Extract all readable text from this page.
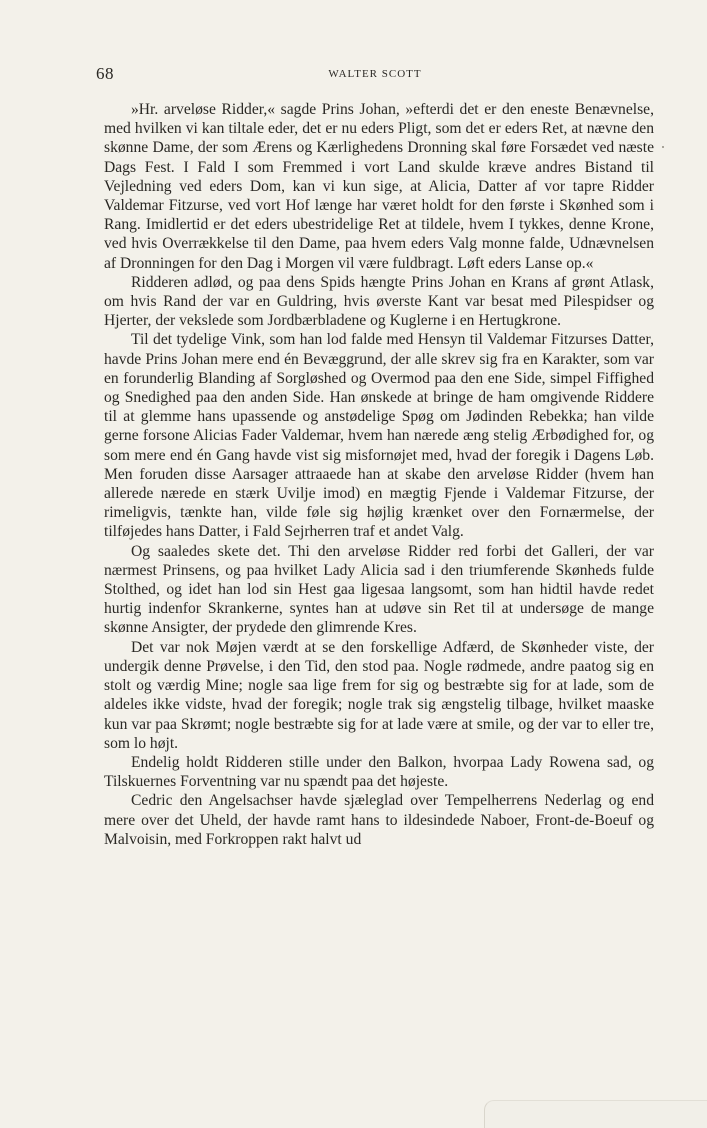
68	WALTER SCOTT

»Hr. arveløse Ridder,« sagde Prins Johan, »efterdi det er den eneste Benævnelse, med hvilken vi kan tiltale eder, det er nu eders Pligt, som det er eders Ret, at nævne den skønne Dame, der som Ærens og Kærlighedens Dronning skal føre Forsædet ved næste Dags Fest. I Fald I som Fremmed i vort Land skulde kræve andres Bistand til Vejledning ved eders Dom, kan vi kun sige, at Alicia, Datter af vor tapre Ridder Valdemar Fitzurse, ved vort Hof længe har været holdt for den første i Skønhed som i Rang. Imidlertid er det eders ubestridelige Ret at tildele, hvem I tykkes, denne Krone, ved hvis Overrækkelse til den Dame, paa hvem eders Valg monne falde, Udnævnelsen af Dronningen for den Dag i Morgen vil være fuldbragt. Løft eders Lanse op.«

Ridderen adlød, og paa dens Spids hængte Prins Johan en Krans af grønt Atlask, om hvis Rand der var en Guldring, hvis øverste Kant var besat med Pilespidser og Hjerter, der vekslede som Jordbærbladene og Kuglerne i en Hertugkrone.

Til det tydelige Vink, som han lod falde med Hensyn til Valdemar Fitzurses Datter, havde Prins Johan mere end én Bevæggrund, der alle skrev sig fra en Karakter, som var en forunderlig Blanding af Sorgløshed og Overmod paa den ene Side, simpel Fiffighed og Snedighed paa den anden Side. Han ønskede at bringe de ham omgivende Riddere til at glemme hans upassende og anstødelige Spøg om Jødinden Rebekka; han vilde gerne forsone Alicias Fader Valdemar, hvem han nærede æng stelig Ærbødighed for, og som mere end én Gang havde vist sig misfornøjet med, hvad der foregik i Dagens Løb. Men foruden disse Aarsager attraaede han at skabe den arveløse Ridder (hvem han allerede nærede en stærk Uvilje imod) en mægtig Fjende i Valdemar Fitzurse, der rimeligvis, tænkte han, vilde føle sig højlig krænket over den Fornærmelse, der tilføjedes hans Datter, i Fald Sejrherren traf et andet Valg.

Og saaledes skete det. Thi den arveløse Ridder red forbi det Galleri, der var nærmest Prinsens, og paa hvilket Lady Alicia sad i den triumferende Skønheds fulde Stolthed, og idet han lod sin Hest gaa ligesaa langsomt, som han hidtil havde redet hurtig indenfor Skrankerne, syntes han at udøve sin Ret til at undersøge de mange skønne Ansigter, der prydede den glimrende Kres.

Det var nok Møjen værdt at se den forskellige Adfærd, de Skønheder viste, der undergik denne Prøvelse, i den Tid, den stod paa. Nogle rødmede, andre paatog sig en stolt og værdig Mine; nogle saa lige frem for sig og bestræbte sig for at lade, som de aldeles ikke vidste, hvad der foregik; nogle trak sig ængstelig tilbage, hvilket maaske kun var paa Skrømt; nogle bestræbte sig for at lade være at smile, og der var to eller tre, som lo højt.

Endelig holdt Ridderen stille under den Balkon, hvorpaa Lady Rowena sad, og Tilskuernes Forventning var nu spændt paa det højeste.

Cedric den Angelsachser havde sjæleglad over Tempelherrens Nederlag og end mere over det Uheld, der havde ramt hans to ildesindede Naboer, Front-de-Boeuf og Malvoisin, med Forkroppen rakt halvt ud
